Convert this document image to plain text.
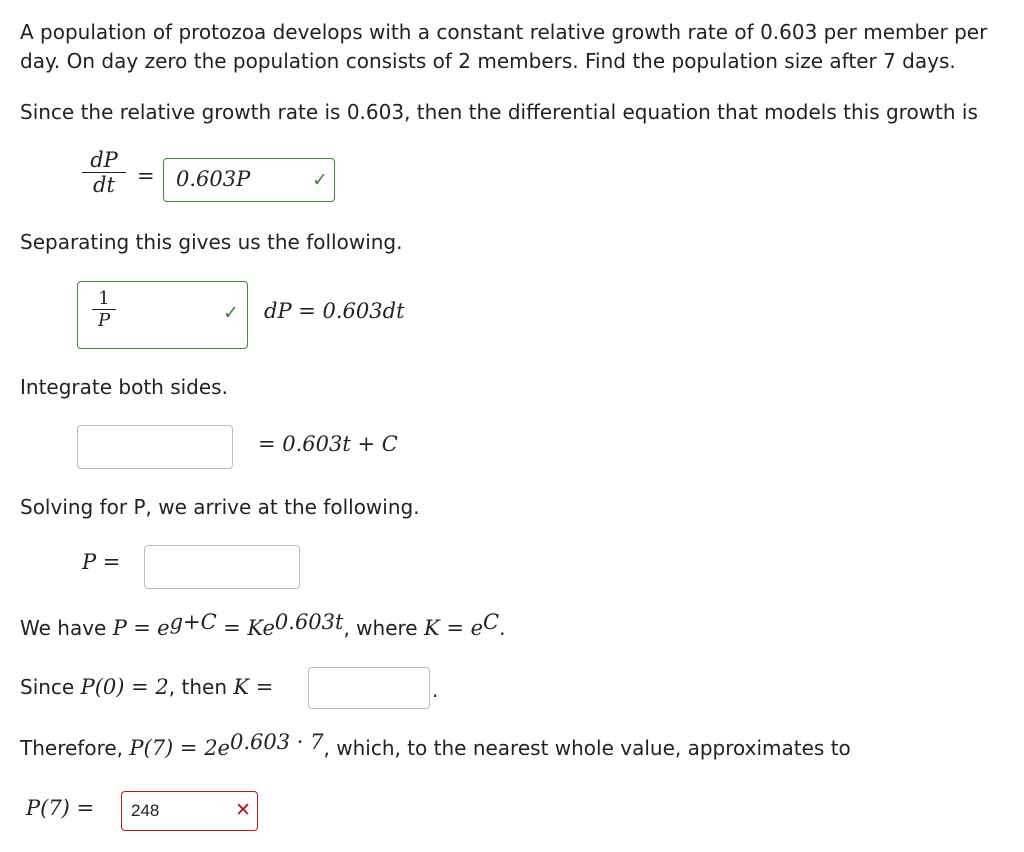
A population of protozoa develops with a constant relative growth rate of 0.603 per member per
day. On day zero the population consists of 2 members. Find the population size after 7 days.
Since the relative growth rate is 0.603, then the differential equation that models this growth is
dP
dt	= 0.603P	✓
Separating this gives us the following.
1
P	✓ dP = 0.603dt
Integrate both sides.
= 0.603t + C
Solving for P, we arrive at the following.
P =
We have $P = e^{g+C} = Ke^{0.603t}$, where $K = e^C$.
Since P(0) = 2, then K =	.
Therefore, $P(7) = 2e^{0.603 \cdot 7}$, which, to the nearest whole value, approximates to
P(7) = 248	✕
